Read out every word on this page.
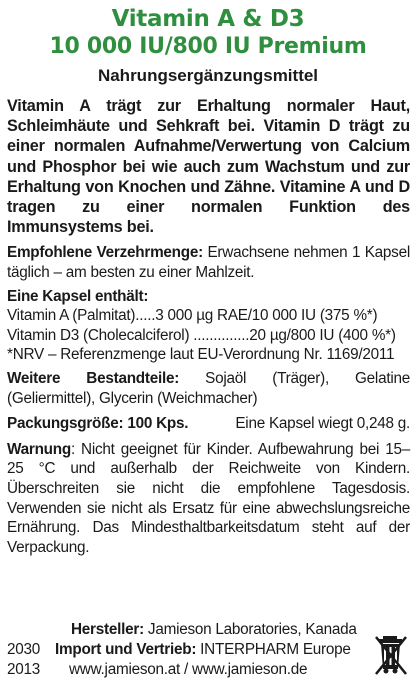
Vitamin A & D3
10 000 IU/800 IU Premium
Nahrungsergänzungsmittel

Vitamin A trägt zur Erhaltung normaler Haut, Schleimhäute und Sehkraft bei. Vitamin D trägt zu einer normalen Aufnahme/Verwertung von Calcium und Phosphor bei wie auch zum Wachstum und zur Erhaltung von Knochen und Zähne. Vitamine A und D tragen zu einer normalen Funktion des Immunsystems bei.

Empfohlene Verzehrmenge: Erwachsene nehmen 1 Kapsel täglich – am besten zu einer Mahlzeit.

Eine Kapsel enthält:

Vitamin A (Palmitat).....3 000 µg RAE/10 000 IU (375 %*)

Vitamin D3 (Cholecalciferol) ..............20 µg/800 IU (400 %*)

*NRV – Referenzmenge laut EU-Verordnung Nr. 1169/2011

Weitere Bestandteile: Sojaöl (Träger), Gelatine (Geliermittel), Glycerin (Weichmacher)

Packungsgröße: 100 Kps.	Eine Kapsel wiegt 0,248 g.

Warnung: Nicht geeignet für Kinder. Aufbewahrung bei 15–25 °C und außerhalb der Reichweite von Kindern. Überschreiten sie nicht die empfohlene Tagesdosis. Verwenden sie nicht als Ersatz für eine abwechslungsreiche Ernährung. Das Mindesthaltbarkeitsdatum steht auf der Verpackung.

Hersteller: Jamieson Laboratories, Kanada
2030 Import und Vertrieb: INTERPHARM Europe
2013	www.jamieson.at / www.jamieson.de
